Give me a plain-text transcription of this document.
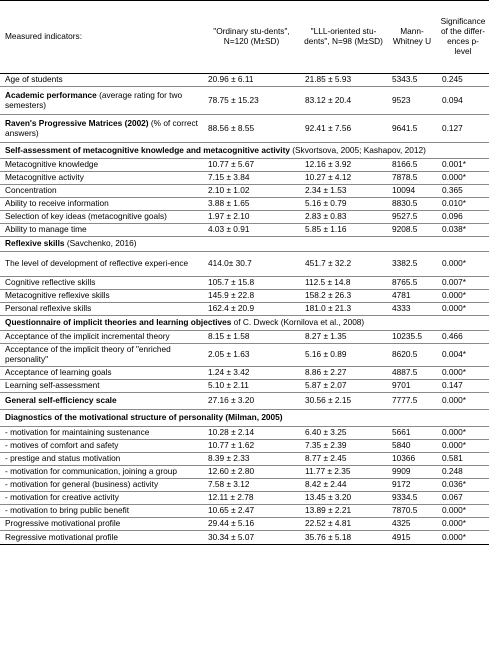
Measured indicators:	"Ordinary stu-dents", N=120 (M±SD)	"LLL-oriented stu-dents", N=98 (M±SD)	Mann-Whitney U	Significance of the differ-ences p-level
Age of students	20.96 ± 6.11	21.85 ± 5.93	5343.5	0.245
Academic performance (average rating for two semesters)	78.75 ± 15.23	83.12 ± 20.4	9523	0.094
Raven's Progressive Matrices (2002) (% of correct answers)	88.56 ± 8.55	92.41 ± 7.56	9641.5	0.127
Self-assessment of metacognitive knowledge and metacognitive activity (Skvortsova, 2005; Kashapov, 2012)				
Metacognitive knowledge	10.77 ± 5.67	12.16 ± 3.92	8166.5	0.001*
Metacognitive activity	7.15 ± 3.84	10.27 ± 4.12	7878.5	0.000*
Concentration	2.10 ± 1.02	2.34 ± 1.53	10094	0.365
Ability to receive information	3.88 ± 1.65	5.16 ± 0.79	8830.5	0.010*
Selection of key ideas (metacognitive goals)	1.97 ± 2.10	2.83 ± 0.83	9527.5	0.096
Ability to manage time	4.03 ± 0.91	5.85 ± 1.16	9208.5	0.038*
Reflexive skills (Savchenko, 2016)				
The level of development of reflective experi-ence	414.0± 30.7	451.7 ± 32.2	3382.5	0.000*
Cognitive reflective skills	105.7 ± 15.8	112.5 ± 14.8	8765.5	0.007*
Metacognitive reflexive skills	145.9 ± 22.8	158.2 ± 26.3	4781	0.000*
Personal reflexive skills	162.4 ± 20.9	181.0 ± 21.3	4333	0.000*
Questionnaire of implicit theories and learning objectives of C. Dweck (Kornilova et al., 2008)				
Acceptance of the implicit incremental theory	8.15 ± 1.58	8.27 ± 1.35	10235.5	0.466
Acceptance of the implicit theory of "enriched personality"	2.05 ± 1.63	5.16 ± 0.89	8620.5	0.004*
Acceptance of learning goals	1.24 ± 3.42	8.86 ± 2.27	4887.5	0.000*
Learning self-assessment	5.10 ± 2.11	5.87 ± 2.07	9701	0.147
General self-efficiency scale	27.16 ± 3.20	30.56 ± 2.15	7777.5	0.000*
Diagnostics of the motivational structure of personality (Milman, 2005)				
- motivation for maintaining sustenance	10.28 ± 2.14	6.40 ± 3.25	5661	0.000*
- motives of comfort and safety	10.77 ± 1.62	7.35 ± 2.39	5840	0.000*
- prestige and status motivation	8.39 ± 2.33	8.77 ± 2.45	10366	0.581
- motivation for communication, joining a group	12.60 ± 2.80	11.77 ± 2.35	9909	0.248
- motivation for general (business) activity	7.58 ± 3.12	8.42 ± 2.44	9172	0.036*
- motivation for creative activity	12.11 ± 2.78	13.45 ± 3.20	9334.5	0.067
- motivation to bring public benefit	10.65 ± 2.47	13.89 ± 2.21	7870.5	0.000*
Progressive motivational profile	29.44 ± 5.16	22.52 ± 4.81	4325	0.000*
Regressive motivational profile	30.34 ± 5.07	35.76 ± 5.18	4915	0.000*
